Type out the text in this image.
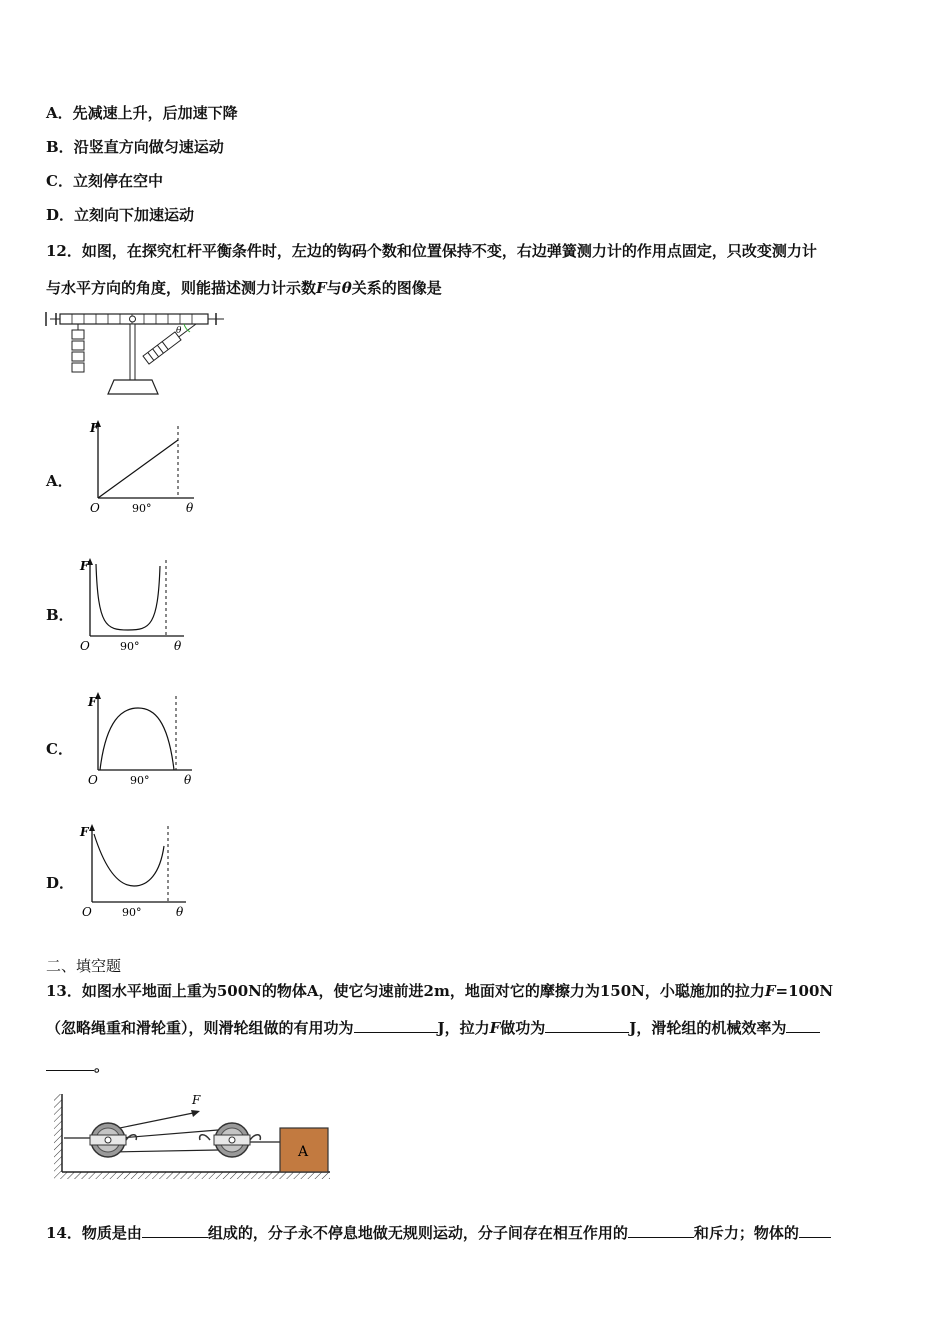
A．先减速上升，后加速下降
B．沿竖直方向做匀速运动
C．立刻停在空中
D．立刻向下加速运动
12．如图，在探究杠杆平衡条件时，左边的钩码个数和位置保持不变，右边弹簧测力计的作用点固定，只改变测力计
与水平方向的角度，则能描述测力计示数F与θ关系的图像是
θ
A．
F
O	90°	θ
B．
F
O	90°	θ
C．
F
O	90°	θ
D．
F
O	90°	θ
二、填空题
13．如图水平地面上重为500N的物体A，使它匀速前进2m，地面对它的摩擦力为150N，小聪施加的拉力F=100N
（忽略绳重和滑轮重），则滑轮组做的有用功为	J，拉力F做功为	J，滑轮组的机械效率为
。
F
A
14．物质是由	组成的，分子永不停息地做无规则运动，分子间存在相互作用的	和斥力；物体的
